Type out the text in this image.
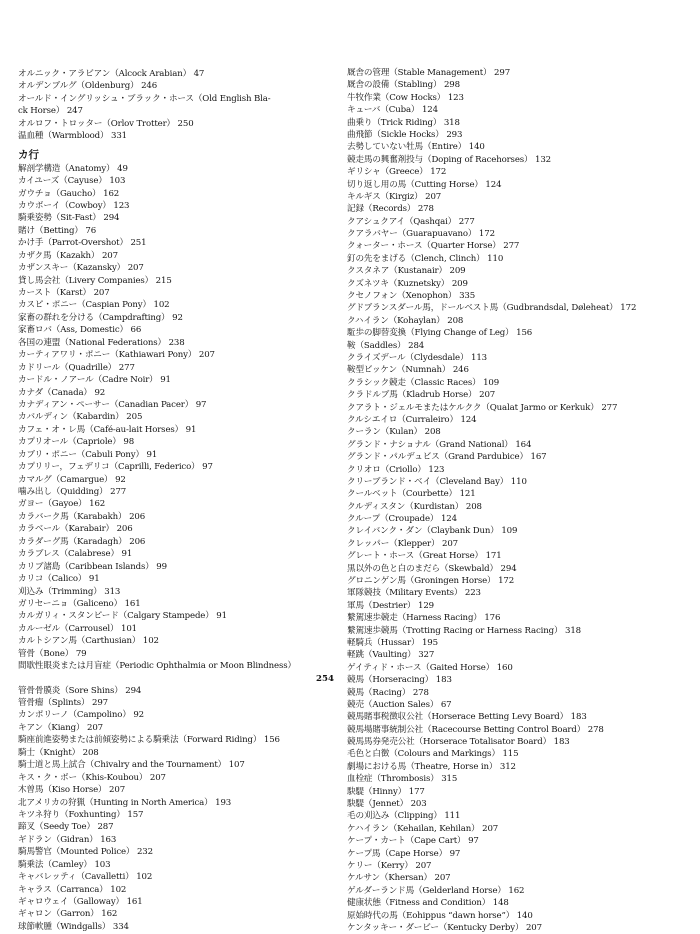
オルニック・アラビアン（Alcock Arabian） 47
オルデンブルグ（Oldenburg） 246
オールド・イングリッシュ・ブラック・ホース（Old English Bla-
ck Horse） 247
オルロフ・トロッター（Orlov Trotter） 250
温血種（Warmblood） 331
カ行
解剖学構造（Anatomy） 49
カイユーズ（Cayuse） 103
ガウチョ（Gaucho） 162
カウボーイ（Cowboy） 123
騎乗姿勢（Sit-Fast） 294
賭け（Betting） 76
かけ手（Parrot-Overshot） 251
カザク馬（Kazakh） 207
カザンスキー（Kazansky） 207
貸し馬会社（Livery Companies） 215
カースト（Karst） 207
カスピ・ポニー（Caspian Pony） 102
家畜の群れを分ける（Campdrafting） 92
家畜ロバ（Ass, Domestic） 66
各国の連盟（National Federations） 238
カーティアワリ・ポニー（Kathiawari Pony） 207
カドリール（Quadrille） 277
カードル・ノアール（Cadre Noir） 91
カナダ（Canada） 92
カナディアン・ペーサー（Canadian Pacer） 97
カバルディン（Kabardin） 205
カフェ・オ・レ馬（Café-au-lait Horses） 91
カプリオール（Capriole） 98
カブリ・ポニー（Cabuli Pony） 91
カプリリー，フェデリコ（Caprilli, Federico） 97
カマルグ（Camargue） 92
噛み出し（Quidding） 277
ガヨー（Gayoe） 162
カラバーク馬（Karabakh） 206
カラベール（Karabair） 206
カラダーグ馬（Karadagh） 206
カラブレス（Calabrese） 91
カリブ諸島（Caribbean Islands） 99
カリコ（Calico） 91
刈込み（Trimming） 313
ガリセーニョ（Galiceno） 161
カルガリィ・スタンピード（Calgary Stampede） 91
カルーゼル（Carrousel） 101
カルトシアン馬（Carthusian） 102
管骨（Bone） 79
間歇性眼炎または月盲症（Periodic Ophthalmia or Moon Blindness）
254
管骨骨膜炎（Sore Shins） 294
管骨瘤（Splints） 297
カンポリーノ（Campolino） 92
キアン（Kiang） 207
騎座前進姿勢または前傾姿勢による騎乗法（Forward Riding） 156
騎士（Knight） 208
騎士道と馬上試合（Chivalry and the Tournament） 107
キス・ク・ボー（Khis-Koubou） 207
木曽馬（Kiso Horse） 207
北アメリカの狩猟（Hunting in North America） 193
キツネ狩り（Foxhunting） 157
蹄叉（Seedy Toe） 287
ギドラン（Gidran） 163
騎馬警官（Mounted Police） 232
騎乗法（Camley） 103
キャバレッティ（Cavalletti） 102
キャラス（Carranca） 102
ギャロウェイ（Galloway） 161
ギャロン（Garron） 162
球節軟腫（Windgalls） 334
厩舎の管理（Stable Management） 297
厩舎の設備（Stabling） 298
牛牧作業（Cow Hocks） 123
キューバ（Cuba） 124
曲乗り（Trick Riding） 318
曲飛節（Sickle Hocks） 293
去勢していない牡馬（Entire） 140
競走馬の興奮剤投与（Doping of Racehorses） 132
ギリシャ（Greece） 172
切り返し用の馬（Cutting Horse） 124
キルギス（Kirgiz） 207
記録（Records） 278
クアシュクアイ（Qashqai） 277
クアラバヤー（Guarapuavano） 172
クォーター・ホース（Quarter Horse） 277
釘の先をまげる（Clench, Clinch） 110
クスタネア（Kustanair） 209
クズネツキ（Kuznetsky） 209
クセノフォン（Xenophon） 335
グドブランスダール馬，ドールベスト馬（Gudbrandsdal, Døleheat） 172
クハイラン（Kohaylan） 208
駈歩の脚替変換（Flying Change of Leg） 156
鞍（Saddles） 284
クライズデール（Clydesdale） 113
鞍型ビッケン（Numnah） 246
クラシック競走（Classic Races） 109
クラドルブ馬（Kladrub Horse） 207
クアラト・ジェルモまたはケルクク（Qualat Jarmo or Kerkuk） 277
クルシエイロ（Curraleiro） 124
クーラン（Kulan） 208
グランド・ナショナル（Grand National） 164
グランド・パルデュビス（Grand Pardubice） 167
クリオロ（Criollo） 123
クリーブランド・ベイ（Cleveland Bay） 110
クールベット（Courbette） 121
クルディスタン（Kurdistan） 208
クループ（Croupade） 124
クレイバンク・ダン（Claybank Dun） 109
クレッパー（Klepper） 207
グレート・ホース（Great Horse） 171
黒以外の色と白のまだら（Skewbald） 294
グロニンゲン馬（Groningen Horse） 172
軍隊競技（Military Events） 223
軍馬（Destrier） 129
繋駕速歩競走（Harness Racing） 176
繋駕速歩競馬（Trotting Racing or Harness Racing） 318
軽騎兵（Hussar） 195
軽跳（Vaulting） 327
ゲイティド・ホース（Gaited Horse） 160
競馬（Horseracing） 183
競馬（Racing） 278
競売（Auction Sales） 67
競馬賭事税徴収公社（Horserace Betting Levy Board） 183
競馬場賭事統制公社（Racecourse Betting Control Board） 278
競馬馬券発売公社（Horserace Totalisator Board） 183
毛色と白徴（Colours and Markings） 115
劇場における馬（Theatre, Horse in） 312
血栓症（Thrombosis） 315
駃騠（Hinny） 177
駃騠（Jennet） 203
毛の刈込み（Clipping） 111
ケハイラン（Kehailan, Kehilan） 207
ケープ・カート（Cape Cart） 97
ケープ馬（Cape Horse） 97
ケリー（Kerry） 207
ケルサン（Khersan） 207
ゲルダーランド馬（Gelderland Horse） 162
健康状態（Fitness and Condition） 148
原始時代の馬（Eohippus “dawn horse”） 140
ケンタッキー・ダービー（Kentucky Derby） 207
